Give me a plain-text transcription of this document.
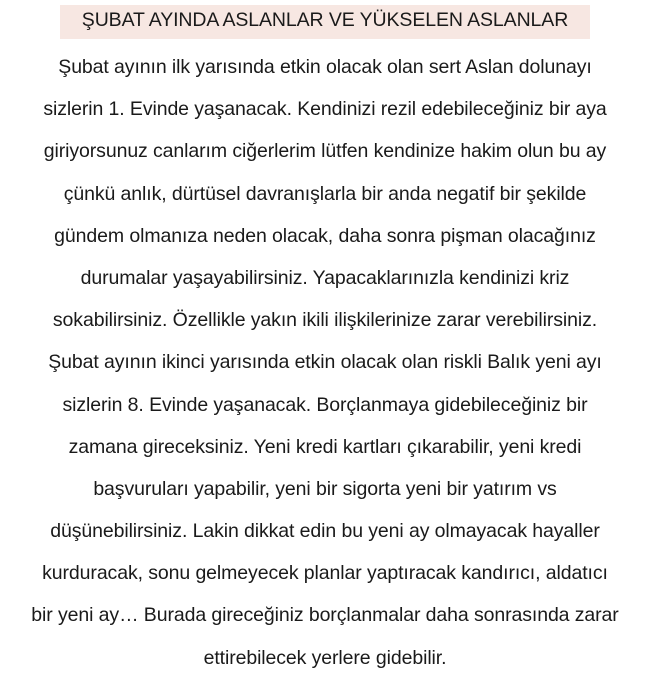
ŞUBAT AYINDA ASLANLAR VE YÜKSELEN ASLANLAR
Şubat ayının ilk yarısında etkin olacak olan sert Aslan dolunayı
sizlerin 1. Evinde yaşanacak. Kendinizi rezil edebileceğiniz bir aya
giriyorsunuz canlarım ciğerlerim lütfen kendinize hakim olun bu ay
çünkü anlık, dürtüsel davranışlarla bir anda negatif bir şekilde
gündem olmanıza neden olacak, daha sonra pişman olacağınız
durumalar yaşayabilirsiniz. Yapacaklarınızla kendinizi kriz
sokabilirsiniz. Özellikle yakın ikili ilişkilerinize zarar verebilirsiniz.
Şubat ayının ikinci yarısında etkin olacak olan riskli Balık yeni ayı
sizlerin 8. Evinde yaşanacak. Borçlanmaya gidebileceğiniz bir
zamana gireceksiniz. Yeni kredi kartları çıkarabilir, yeni kredi
başvuruları yapabilir, yeni bir sigorta yeni bir yatırım vs
düşünebilirsiniz. Lakin dikkat edin bu yeni ay olmayacak hayaller
kurduracak, sonu gelmeyecek planlar yaptıracak kandırıcı, aldatıcı
bir yeni ay… Burada gireceğiniz borçlanmalar daha sonrasında zarar
ettirebilecek yerlere gidebilir.
